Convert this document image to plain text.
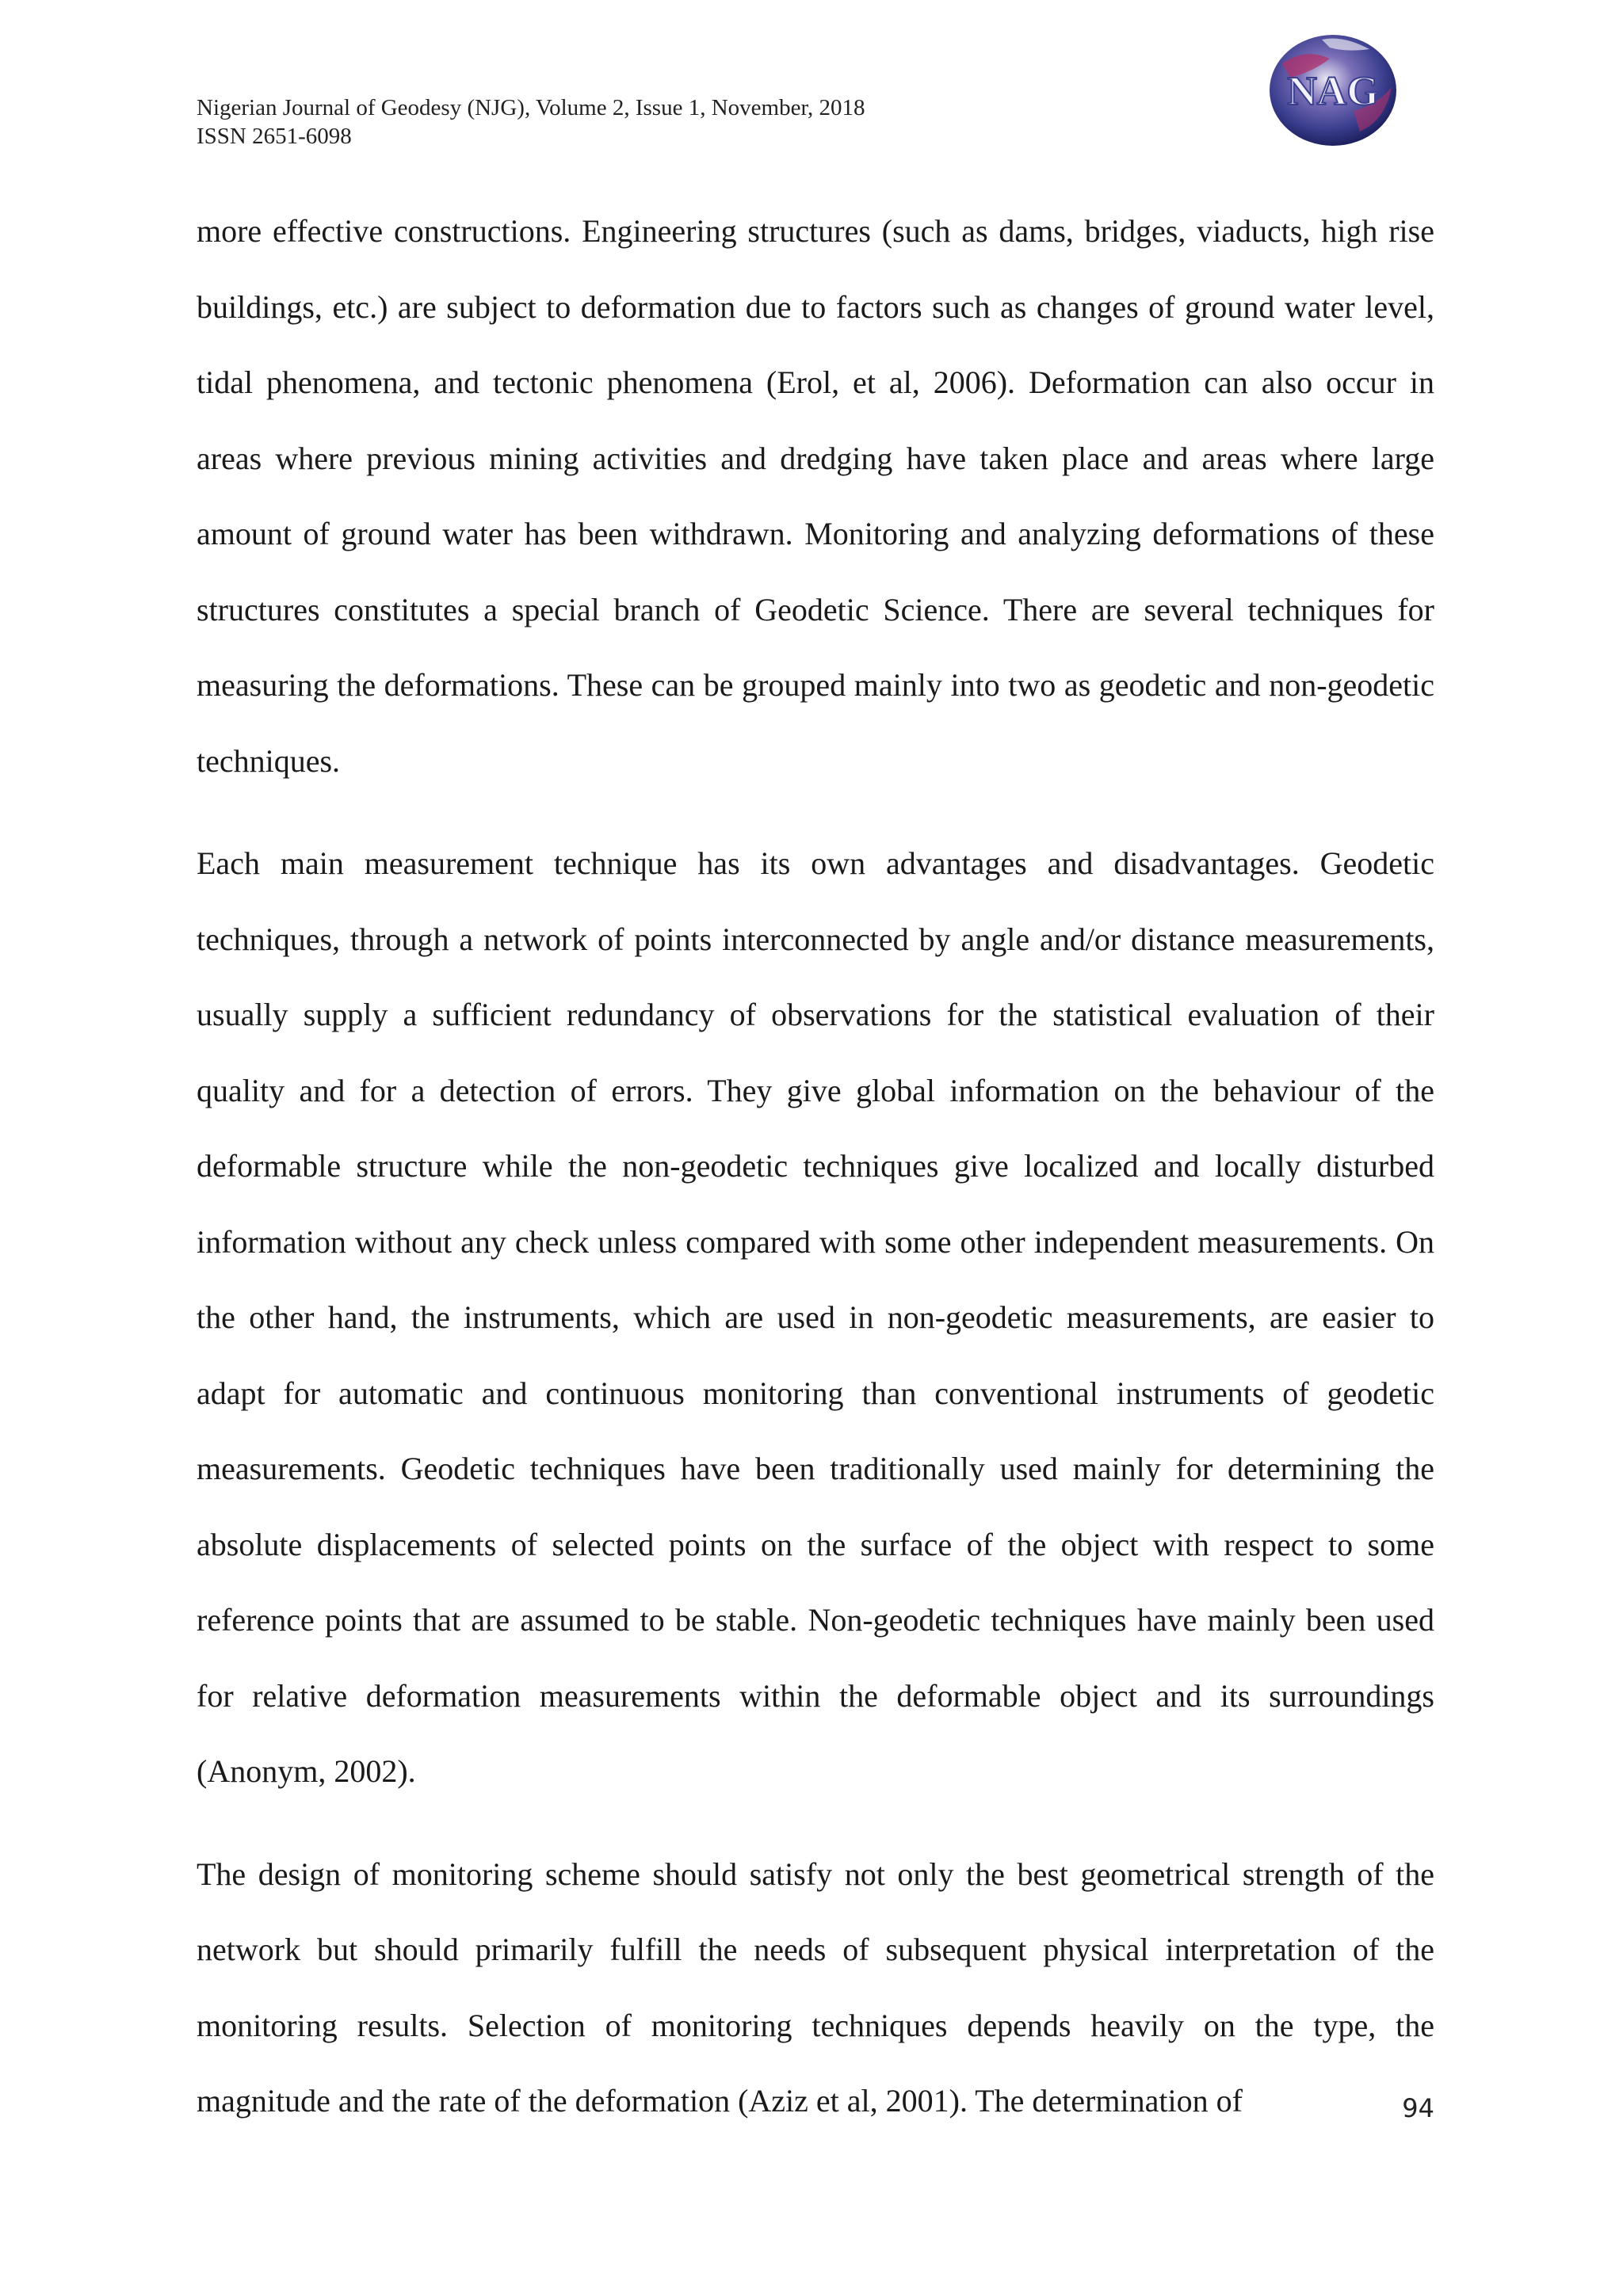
Nigerian Journal of Geodesy (NJG), Volume 2, Issue 1, November, 2018
ISSN 2651-6098
NAG

more effective constructions. Engineering structures (such as dams, bridges, viaducts, high rise buildings, etc.) are subject to deformation due to factors such as changes of ground water level, tidal phenomena, and tectonic phenomena (Erol, et al, 2006). Deformation can also occur in areas where previous mining activities and dredging have taken place and areas where large amount of ground water has been withdrawn. Monitoring and analyzing deformations of these structures constitutes a special branch of Geodetic Science. There are several techniques for measuring the deformations. These can be grouped mainly into two as geodetic and non-geodetic techniques.

Each main measurement technique has its own advantages and disadvantages. Geodetic techniques, through a network of points interconnected by angle and/or distance measurements, usually supply a sufficient redundancy of observations for the statistical evaluation of their quality and for a detection of errors. They give global information on the behaviour of the deformable structure while the non-geodetic techniques give localized and locally disturbed information without any check unless compared with some other independent measurements. On the other hand, the instruments, which are used in non-geodetic measurements, are easier to adapt for automatic and continuous monitoring than conventional instruments of geodetic measurements. Geodetic techniques have been traditionally used mainly for determining the absolute displacements of selected points on the surface of the object with respect to some reference points that are assumed to be stable. Non-geodetic techniques have mainly been used for relative deformation measurements within the deformable object and its surroundings (Anonym, 2002).

The design of monitoring scheme should satisfy not only the best geometrical strength of the network but should primarily fulfill the needs of subsequent physical interpretation of the monitoring results. Selection of monitoring techniques depends heavily on the type, the magnitude and the rate of the deformation (Aziz et al, 2001). The determination of	94
